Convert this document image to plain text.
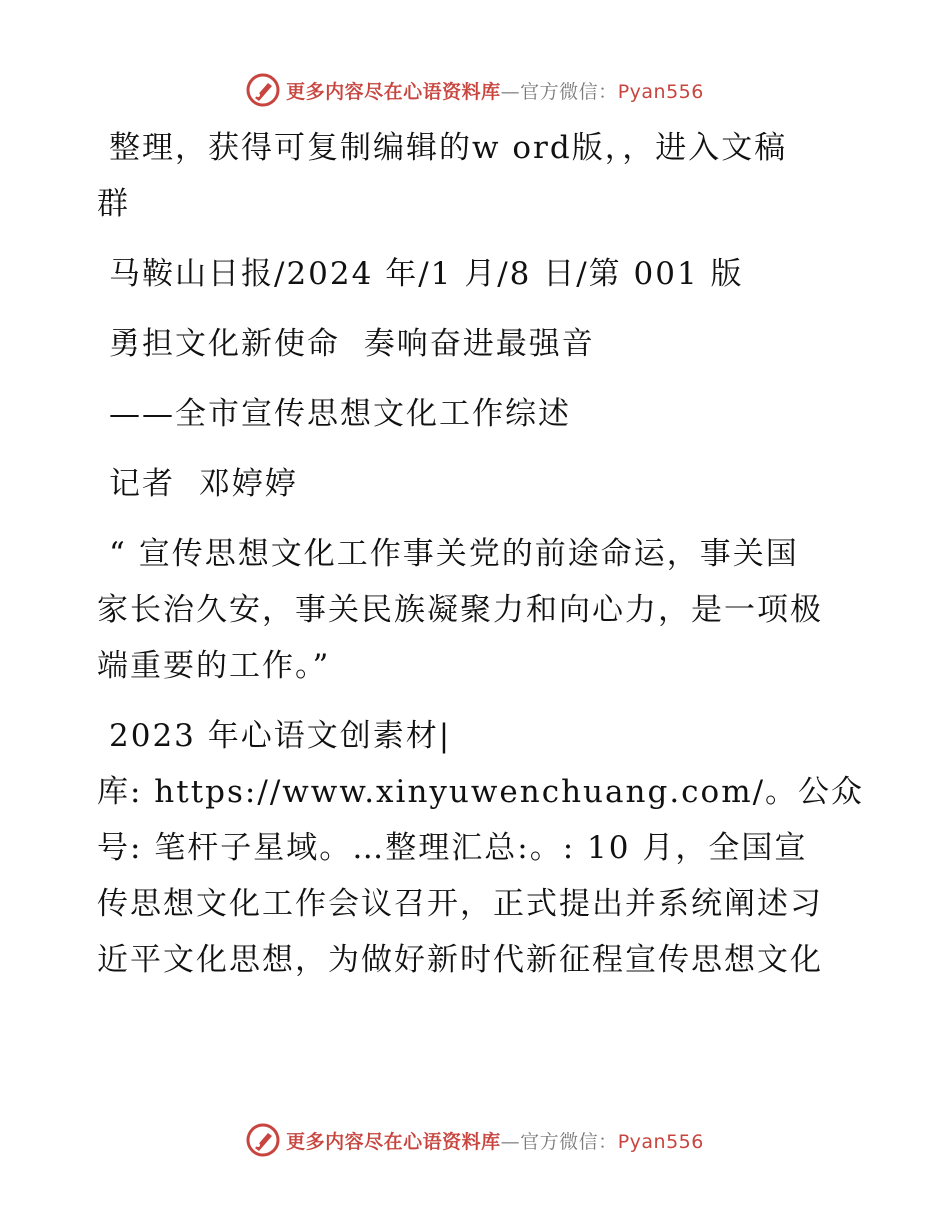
更多内容尽在心语资料库—官方微信：Pyan556

整理，获得可复制编辑的w ord版，，进入文稿

群

马鞍山日报/2024 年/1 月/8 日/第 001 版

勇担文化新使命  奏响奋进最强音

——全市宣传思想文化工作综述

记者  邓婷婷

“ 宣传思想文化工作事关党的前途命运，事关国

家长治久安，事关民族凝聚力和向心力，是一项极

端重要的工作。”

2023 年心语文创素材|

库: https://www.xinyuwenchuang.com/。公众

号: 笔杆子星域。…整理汇总:。: 10 月，全国宣

传思想文化工作会议召开，正式提出并系统阐述习

近平文化思想，为做好新时代新征程宣传思想文化

更多内容尽在心语资料库—官方微信：Pyan556
